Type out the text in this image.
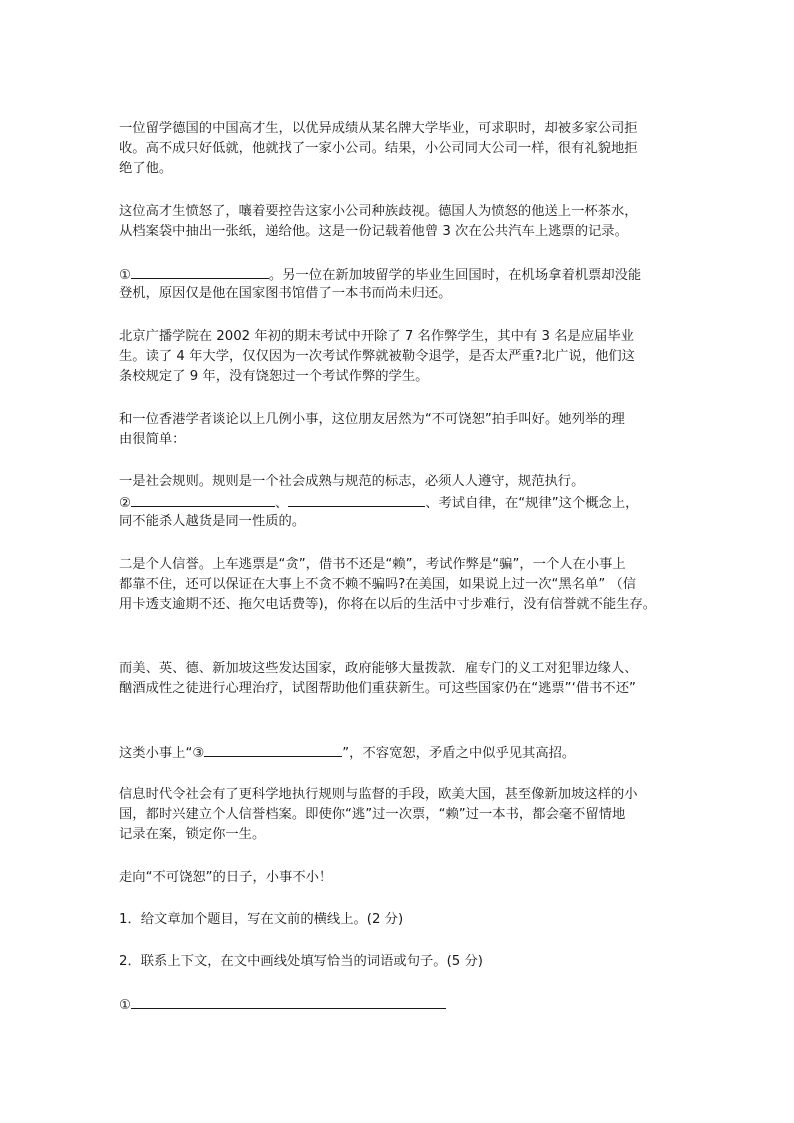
一位留学德国的中国高才生，以优异成绩从某名牌大学毕业，可求职时，却被多家公司拒
收。高不成只好低就，他就找了一家小公司。结果，小公司同大公司一样，很有礼貌地拒
绝了他。
这位高才生愤怒了，嚷着要控告这家小公司种族歧视。德国人为愤怒的他送上一杯茶水，
从档案袋中抽出一张纸，递给他。这是一份记载着他曾 3 次在公共汽车上逃票的记录。
①	。另一位在新加坡留学的毕业生回国时，在机场拿着机票却没能
登机，原因仅是他在国家图书馆借了一本书而尚未归还。
北京广播学院在 2002 年初的期末考试中开除了 7 名作弊学生，其中有 3 名是应届毕业
生。读了 4 年大学，仅仅因为一次考试作弊就被勒令退学，是否太严重?北广说，他们这
条校规定了 9 年，没有饶恕过一个考试作弊的学生。
和一位香港学者谈论以上几例小事，这位朋友居然为“不可饶恕”拍手叫好。她列举的理
由很简单：
一是社会规则。规则是一个社会成熟与规范的标志，必须人人遵守，规范执行。
②	、	、考试自律，在“规律”这个概念上，
同不能杀人越货是同一性质的。
二是个人信誉。上车逃票是“贪”，借书不还是“赖”，考试作弊是“骗”，一个人在小事上
都靠不住，还可以保证在大事上不贪不赖不骗吗?在美国，如果说上过一次“黑名单” （信
用卡透支逾期不还、拖欠电话费等)，你将在以后的生活中寸步难行，没有信誉就不能生存。
而美、英、德、新加坡这些发达国家，政府能够大量拨款．雇专门的义工对犯罪边缘人、
酗酒成性之徒进行心理治疗，试图帮助他们重获新生。可这些国家仍在“逃票”‘借书不还”
这类小事上“③	”，不容宽恕，矛盾之中似乎见其高招。
信息时代令社会有了更科学地执行规则与监督的手段，欧美大国，甚至像新加坡这样的小
国，都时兴建立个人信誉档案。即使你“逃”过一次票，“赖”过一本书，都会毫不留情地
记录在案，锁定你一生。
走向“不可饶恕”的日子，小事不小！
1．给文章加个题目，写在文前的横线上。(2 分)
2．联系上下文，在文中画线处填写恰当的词语或句子。(5 分)
①
